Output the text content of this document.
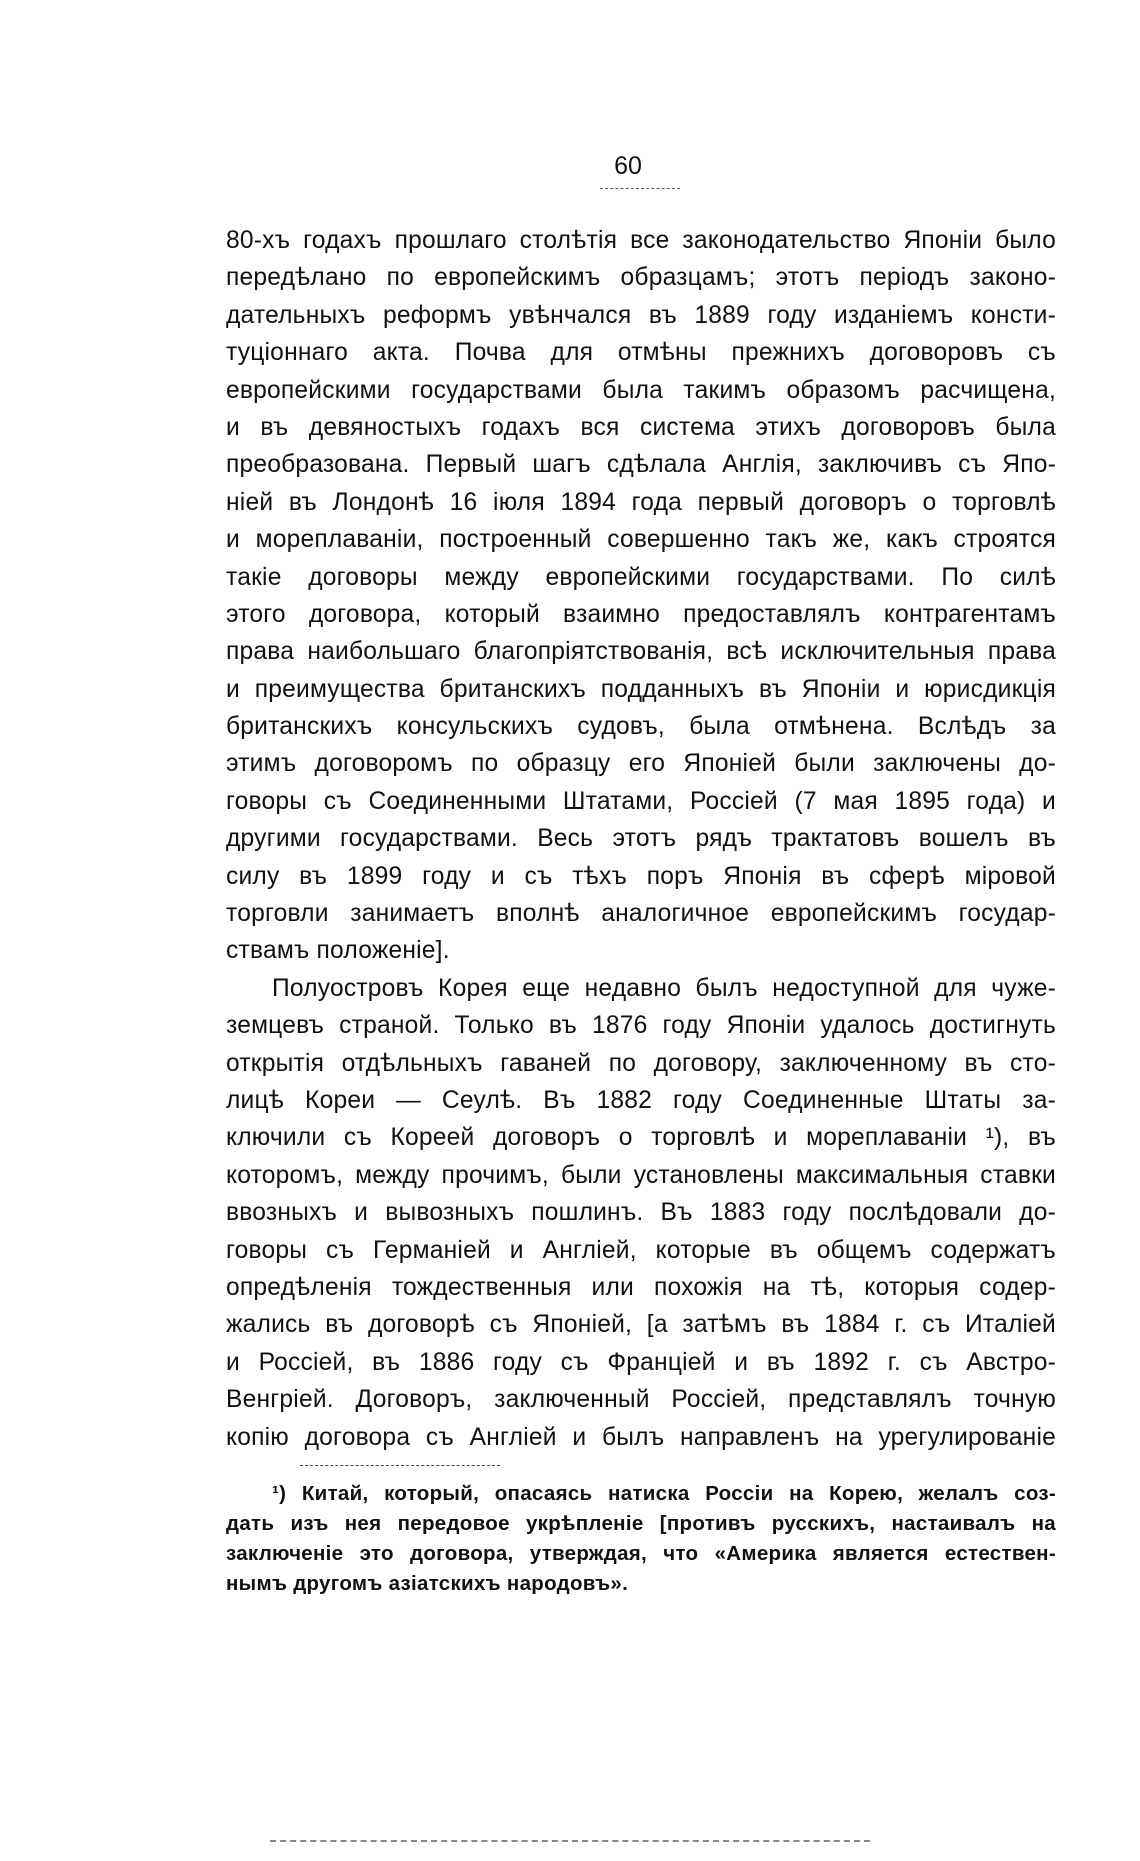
60
80-хъ годахъ прошлаго столѣтія все законодательство Японіи было
передѣлано по европейскимъ образцамъ; этотъ періодъ законо-
дательныхъ реформъ увѣнчался въ 1889 году изданіемъ консти-
туціоннаго акта. Почва для отмѣны прежнихъ договоровъ съ
европейскими государствами была такимъ образомъ расчищена,
и въ девяностыхъ годахъ вся система этихъ договоровъ была
преобразована. Первый шагъ сдѣлала Англія, заключивъ съ Япо-
ніей въ Лондонѣ 16 іюля 1894 года первый договоръ о торговлѣ
и мореплаваніи, построенный совершенно такъ же, какъ строятся
такіе договоры между европейскими государствами. По силѣ
этого договора, который взаимно предоставлялъ контрагентамъ
права наибольшаго благопріятствованія, всѣ исключительныя права
и преимущества британскихъ подданныхъ въ Японіи и юрисдикція
британскихъ консульскихъ судовъ, была отмѣнена. Вслѣдъ за
этимъ договоромъ по образцу его Японіей были заключены до-
говоры съ Соединенными Штатами, Россіей (7 мая 1895 года) и
другими государствами. Весь этотъ рядъ трактатовъ вошелъ въ
силу въ 1899 году и съ тѣхъ поръ Японія въ сферѣ міровой
торговли занимаетъ вполнѣ аналогичное европейскимъ государ-
ствамъ положеніе].
Полуостровъ Корея еще недавно былъ недоступной для чуже-
земцевъ страной. Только въ 1876 году Японіи удалось достигнуть
открытія отдѣльныхъ гаваней по договору, заключенному въ сто-
лицѣ Кореи — Сеулѣ. Въ 1882 году Соединенные Штаты за-
ключили съ Кореей договоръ о торговлѣ и мореплаваніи ¹), въ
которомъ, между прочимъ, были установлены максимальныя ставки
ввозныхъ и вывозныхъ пошлинъ. Въ 1883 году послѣдовали до-
говоры съ Германіей и Англіей, которые въ общемъ содержатъ
опредѣленія тождественныя или похожія на тѣ, которыя содер-
жались въ договорѣ съ Японіей, [а затѣмъ въ 1884 г. съ Италіей
и Россіей, въ 1886 году съ Франціей и въ 1892 г. съ Австро-
Венгріей. Договоръ, заключенный Россіей, представлялъ точную
копію договора съ Англіей и былъ направленъ на урегулированіе
¹) Китай, который, опасаясь натиска Россіи на Корею, желалъ соз-
дать изъ нея передовое укрѣпленіе [противъ русскихъ, настаивалъ на
заключеніе это договора, утверждая, что «Америка является естествен-
нымъ другомъ азіатскихъ народовъ».
